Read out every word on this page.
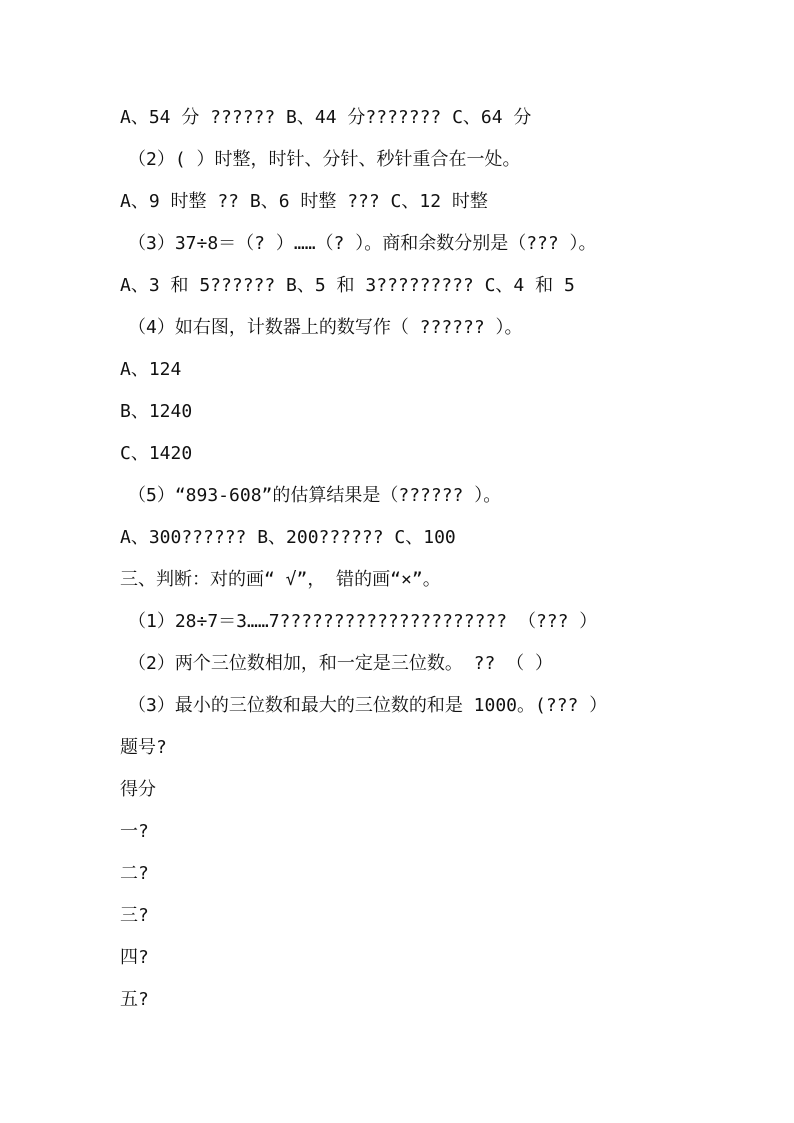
A、54 分 ?????? B、44 分??????? C、64 分
（2）( ）时整，时针、分针、秒针重合在一处。
A、9 时整 ?? B、6 时整 ??? C、12 时整
（3）37÷8＝（? ）……（? ）。商和余数分别是（??? ）。
A、3 和 5?????? B、5 和 3????????? C、4 和 5
（4）如右图，计数器上的数写作（ ?????? ）。
A、124
B、1240
C、1420
（5）“893-608”的估算结果是（?????? ）。
A、300?????? B、200?????? C、100
三、判断：对的画“ √”， 错的画“×”。
（1）28÷7＝3……7????????????????????? （??? ）
（2）两个三位数相加，和一定是三位数。 ?? （ ）
（3）最小的三位数和最大的三位数的和是 1000。(??? ）
题号?
得分
一?
二?
三?
四?
五?
